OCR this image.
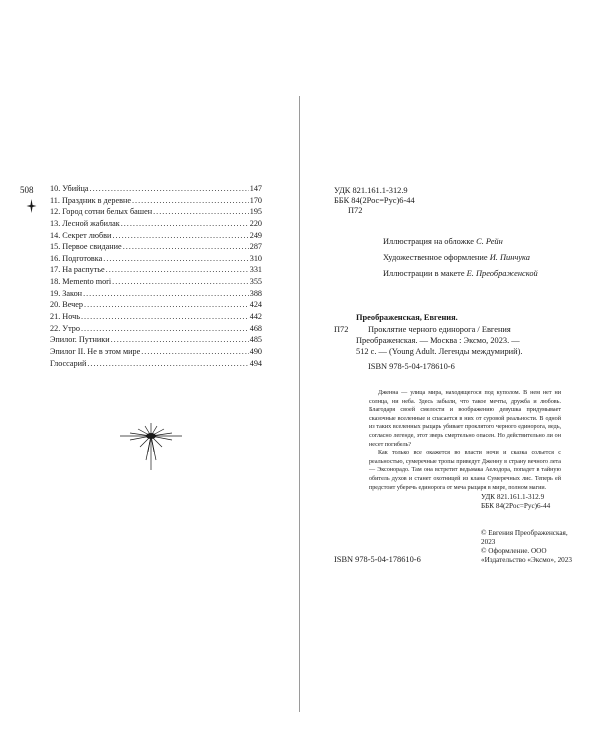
508 10. Убийца .....	147
11. Праздник в деревне .....	170
12. Город сотни белых башен .....	195
13. Лесной жабилак .....	220
14. Секрет любви .....	249
15. Первое свидание .....	287
16. Подготовка .....	310
17. На распутье .....	331
18. Memento mori .....	355
19. Закон .....	388
20. Вечер .....	424
21. Ночь .....	442
22. Утро .....	468
Эпилог. Путники .....	485
Эпилог II. Не в этом мире .....	490
Глоссарий .....	494
УДК 821.161.1-312.9
ББК 84(2Рос=Рус)6-44
П72
Иллюстрация на обложке С. Рейн
Художественное оформление И. Пинчука
Иллюстрации в макете Е. Преображенской
Преображенская, Евгения.
П72 Проклятие черного единорога / Евгения
Преображенская. — Москва : Эксмо, 2023. —
512 с. — (Young Adult. Легенды междумирий).
ISBN 978-5-04-178610-6

Дженна — улица мира, находящегося под куполом. В нем нет ни солнца, ни неба. Здесь забыли, что такое мечты, дружба и любовь. Благодаря своей смелости и воображению девушка придумывает сказочные вселенные и спасается в них от суровой реальности. В одной из таких вселенных рыцарь убивает проклятого черного единорога, ведь, согласно легенде, этот зверь смертельно опасен. Но действительно ли он несет погибель?

Как только все окажется во власти ночи и сказка сольется с реальностью, сумеречные тропы приведут Дженну в страну вечного лета — Эксонорадо. Там она встретит ведьмака Аелодора, попадет в тайную обитель духов и станет охотницей из клана Сумеречных лис. Теперь ей предстоит уберечь единорога от меча рыцаря в мире, полном магии.

УДК 821.161.1-312.9
ББК 84(2Рос=Рус)6-44
© Евгения Преображенская,
2023
© Оформление. ООО
«Издательство «Эксмо», 2023
ISBN 978-5-04-178610-6
